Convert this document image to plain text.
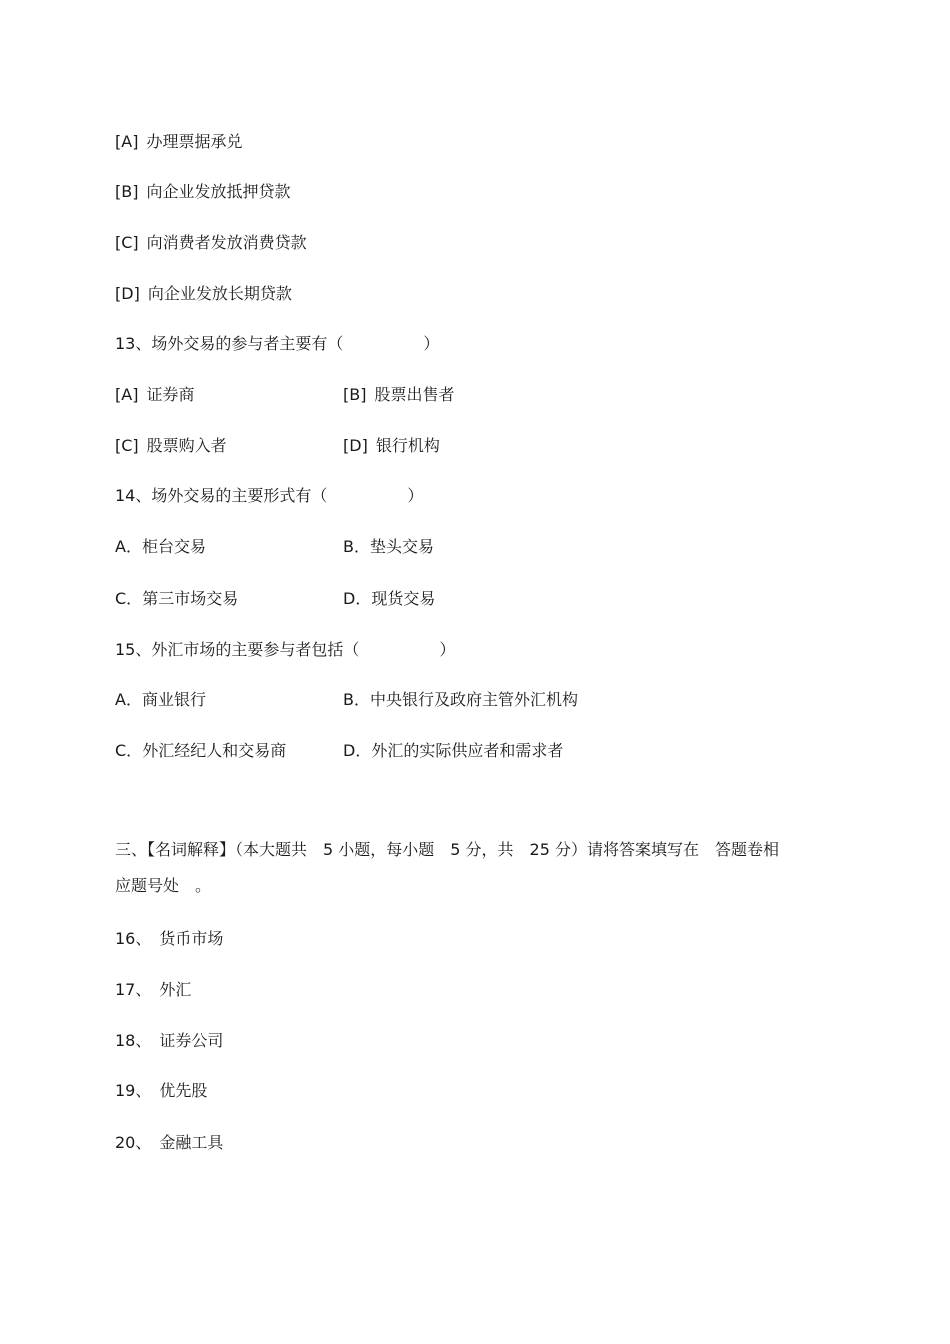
[A] 办理票据承兑
[B] 向企业发放抵押贷款
[C] 向消费者发放消费贷款
[D] 向企业发放长期贷款
13、场外交易的参与者主要有（　　　　　）
[A] 证券商	[B] 股票出售者
[C] 股票购入者	[D] 银行机构
14、场外交易的主要形式有（　　　　　）
A．柜台交易	B．垫头交易
C．第三市场交易	D．现货交易
15、外汇市场的主要参与者包括（　　　　　）
A．商业银行	B．中央银行及政府主管外汇机构
C．外汇经纪人和交易商	D．外汇的实际供应者和需求者
三、【名词解释】（本大题共　5 小题，每小题　5 分，共　25 分）请将答案填写在　答题卷相
应题号处　。
16、 货币市场
17、 外汇
18、 证券公司
19、 优先股
20、 金融工具
